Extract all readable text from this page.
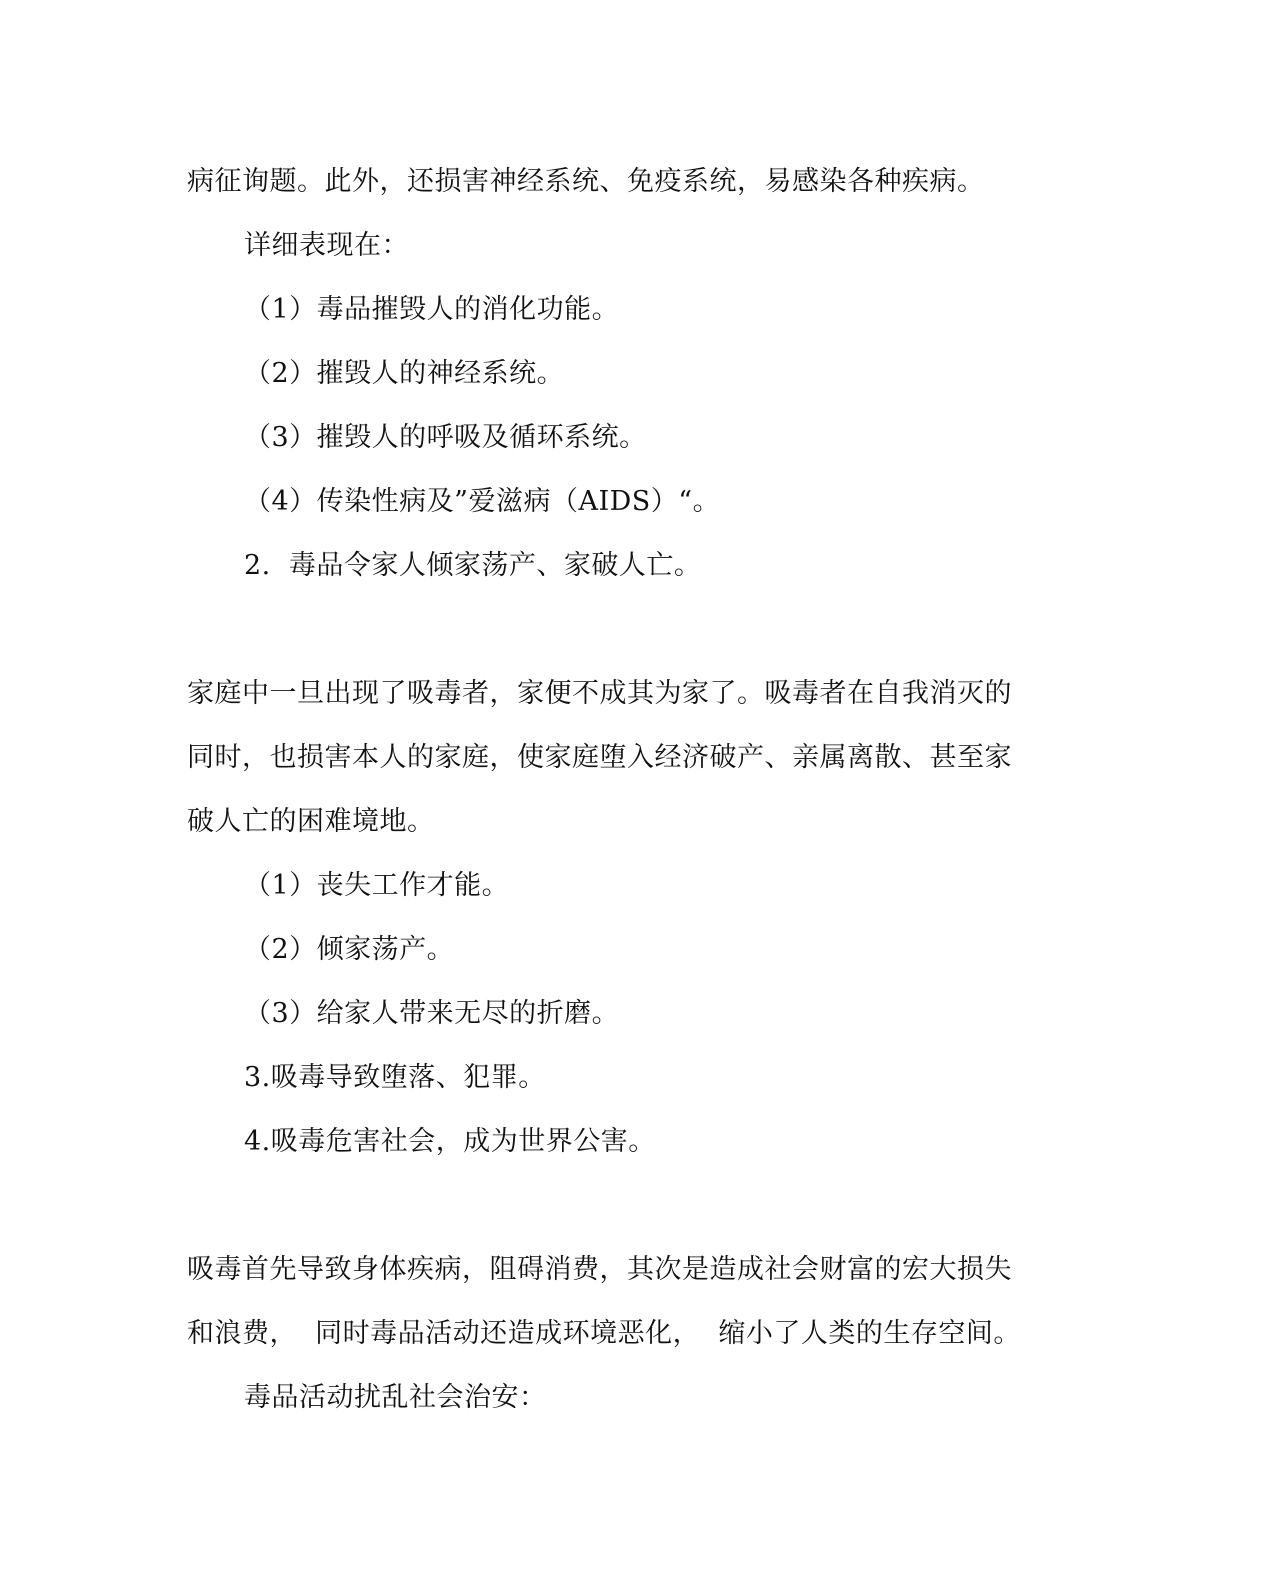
病征询题。此外，还损害神经系统、免疫系统，易感染各种疾病。
详细表现在：
（1）毒品摧毁人的消化功能。
（2）摧毁人的神经系统。
（3）摧毁人的呼吸及循环系统。
（4）传染性病及”爱滋病（AIDS）“。
2.  毒品令家人倾家荡产、家破人亡。
家庭中一旦出现了吸毒者，家便不成其为家了。吸毒者在自我消灭的
同时，也损害本人的家庭，使家庭堕入经济破产、亲属离散、甚至家
破人亡的困难境地。
（1）丧失工作才能。
（2）倾家荡产。
（3）给家人带来无尽的折磨。
3.吸毒导致堕落、犯罪。
4.吸毒危害社会，成为世界公害。
吸毒首先导致身体疾病，阻碍消费，其次是造成社会财富的宏大损失
和浪费，  同时毒品活动还造成环境恶化，  缩小了人类的生存空间。
毒品活动扰乱社会治安：
